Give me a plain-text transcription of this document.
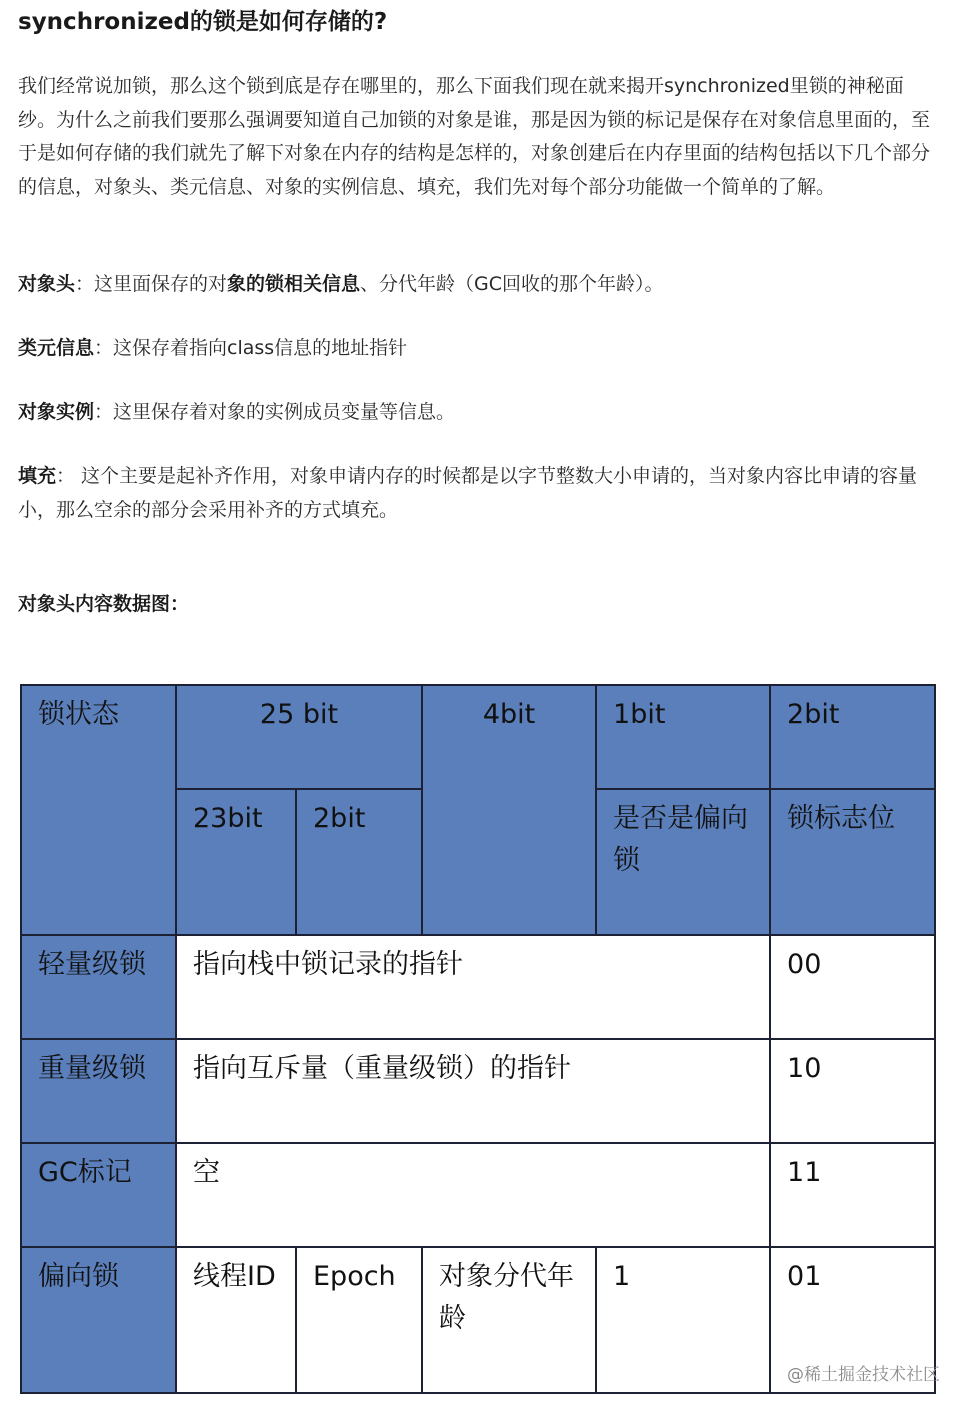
synchronized的锁是如何存储的?

我们经常说加锁，那么这个锁到底是存在哪里的，那么下面我们现在就来揭开synchronized里锁的神秘面纱。为什么之前我们要那么强调要知道自己加锁的对象是谁，那是因为锁的标记是保存在对象信息里面的，至于是如何存储的我们就先了解下对象在内存的结构是怎样的，对象创建后在内存里面的结构包括以下几个部分的信息，对象头、类元信息、对象的实例信息、填充，我们先对每个部分功能做一个简单的了解。

对象头：这里面保存的对象的锁相关信息、分代年龄（GC回收的那个年龄）。

类元信息：这保存着指向class信息的地址指针

对象实例：这里保存着对象的实例成员变量等信息。

填充： 这个主要是起补齐作用，对象申请内存的时候都是以字节整数大小申请的，当对象内容比申请的容量小，那么空余的部分会采用补齐的方式填充。

对象头内容数据图：

锁状态	25 bit		4bit	1bit	2bit
	23bit	2bit		是否是偏向锁	锁标志位
轻量级锁	指向栈中锁记录的指针				00
重量级锁	指向互斥量（重量级锁）的指针				10
GC标记	空				11
偏向锁	线程ID	Epoch	对象分代年龄	1	01
@稀土掘金技术社区
